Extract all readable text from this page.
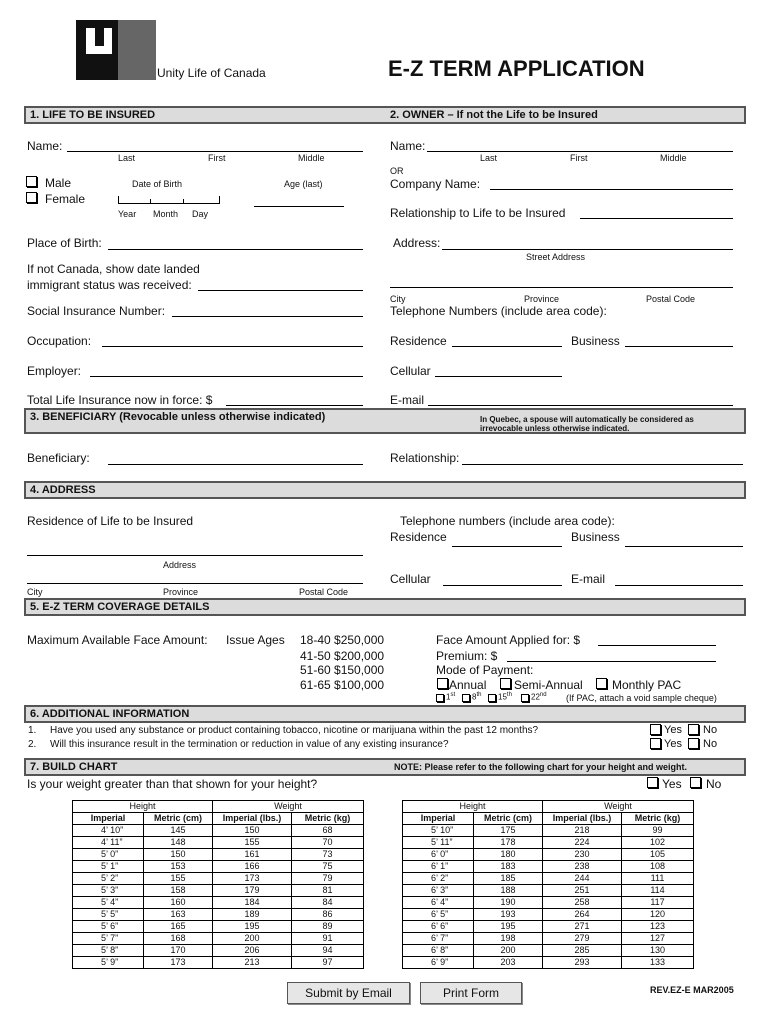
Unity Life of Canada	E-Z TERM APPLICATION
1. LIFE TO BE INSURED	2. OWNER – If not the Life to be Insured
Name:
Last	First	Middle
Male
Female
Date of Birth	Age (last)
Year Month Day
Place of Birth:
If not Canada, show date landed
immigrant status was received:
Social Insurance Number:
Occupation:
Employer:
Total Life Insurance now in force: $
Name:
Last	First	Middle
OR
Company Name:
Relationship to Life to be Insured
Address:
Street Address
City	Province	Postal Code
Telephone Numbers (include area code):
Residence	Business
Cellular
E-mail
3. BENEFICIARY (Revocable unless otherwise indicated)	In Quebec, a spouse will automatically be considered as
irrevocable unless otherwise indicated.
Beneficiary:	Relationship:
4. ADDRESS
Residence of Life to be Insured	Telephone numbers (include area code):
Residence	Business
Address
Cellular	E-mail
City	Province	Postal Code
5. E-Z TERM COVERAGE DETAILS
Maximum Available Face Amount: Issue Ages 18-40 $250,000
41-50 $200,000
51-60 $150,000
61-65 $100,000
Face Amount Applied for: $
Premium: $
Mode of Payment:
Annual Semi-Annual Monthly PAC
1st 8th 15th 22nd (If PAC, attach a void sample cheque)
6. ADDITIONAL INFORMATION
1. Have you used any substance or product containing tobacco, nicotine or marijuana within the past 12 months?	Yes No
2. Will this insurance result in the termination or reduction in value of any existing insurance?	Yes No
7. BUILD CHART	NOTE: Please refer to the following chart for your height and weight.
Is your weight greater than that shown for your height?	Yes No
Height		Weight	
Imperial	Metric (cm)	Imperial (lbs.)	Metric (kg)
4’ 10”	145	150	68
4’ 11”	148	155	70
5’ 0”	150	161	73
5’ 1”	153	166	75
5’ 2”	155	173	79
5’ 3”	158	179	81
5’ 4”	160	184	84
5’ 5”	163	189	86
5’ 6”	165	195	89
5’ 7”	168	200	91
5’ 8”	170	206	94
5’ 9”	173	213	97
Height		Weight	
Imperial	Metric (cm)	Imperial (lbs.)	Metric (kg)
5’ 10”	175	218	99
5’ 11”	178	224	102
6’ 0”	180	230	105
6’ 1”	183	238	108
6’ 2”	185	244	111
6’ 3”	188	251	114
6’ 4”	190	258	117
6’ 5”	193	264	120
6’ 6”	195	271	123
6’ 7”	198	279	127
6’ 8”	200	285	130
6’ 9”	203	293	133
Submit by Email	Print Form	REV.EZ-E MAR2005
